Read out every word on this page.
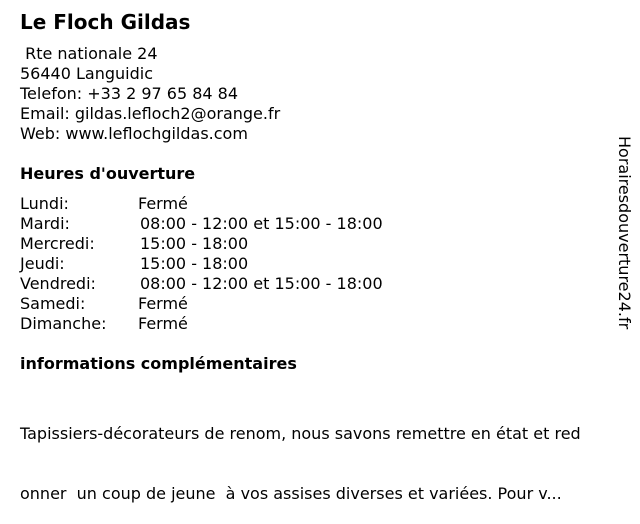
Le Floch Gildas
Rte nationale 24
56440 Languidic
Telefon: +33 2 97 65 84 84
Email: gildas.lefloch2@orange.fr
Web: www.leflochgildas.com
Heures d'ouverture
Lundi:	Fermé
Mardi:	08:00 - 12:00 et 15:00 - 18:00
Mercredi:	15:00 - 18:00
Jeudi:	15:00 - 18:00
Vendredi:	08:00 - 12:00 et 15:00 - 18:00
Samedi:	Fermé
Dimanche: Fermé
informations complémentaires

Tapissiers-décorateurs de renom, nous savons remettre en état et red

onner  un coup de jeune  à vos assises diverses et variées. Pour v...

Horairesdouverture24.fr
